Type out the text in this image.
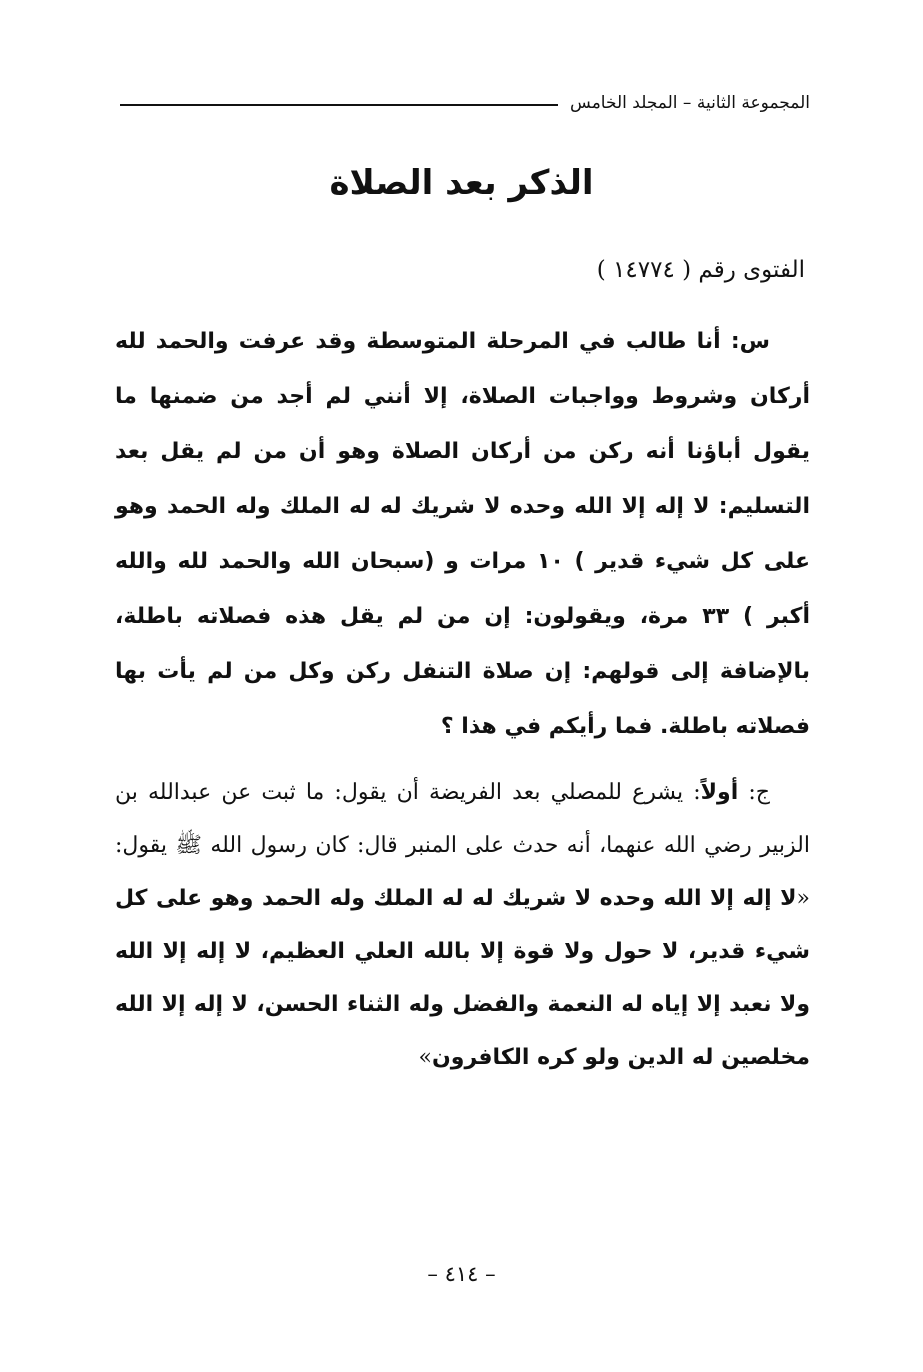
المجموعة الثانية – المجلد الخامس
الذكر بعد الصلاة
الفتوى رقم ( ١٤٧٧٤ )
س: أنا طالب في المرحلة المتوسطة وقد عرفت والحمد لله أركان وشروط وواجبات الصلاة، إلا أنني لم أجد من ضمنها ما يقول أباؤنا أنه ركن من أركان الصلاة وهو أن من لم يقل بعد التسليم: لا إله إلا الله وحده لا شريك له له الملك وله الحمد وهو على كل شيء قدير ) ١٠ مرات و (سبحان الله والحمد لله والله أكبر ) ٣٣ مرة، ويقولون: إن من لم يقل هذه فصلاته باطلة، بالإضافة إلى قولهم: إن صلاة التنفل ركن وكل من لم يأت بها فصلاته باطلة. فما رأيكم في هذا ؟
ج: أولاً: يشرع للمصلي بعد الفريضة أن يقول: ما ثبت عن عبدالله بن الزبير رضي الله عنهما، أنه حدث على المنبر قال: كان رسول الله ﷺ يقول: «لا إله إلا الله وحده لا شريك له له الملك وله الحمد وهو على كل شيء قدير، لا حول ولا قوة إلا بالله العلي العظيم، لا إله إلا الله ولا نعبد إلا إياه له النعمة والفضل وله الثناء الحسن، لا إله إلا الله مخلصين له الدين ولو كره الكافرون»
– ٤١٤ –
